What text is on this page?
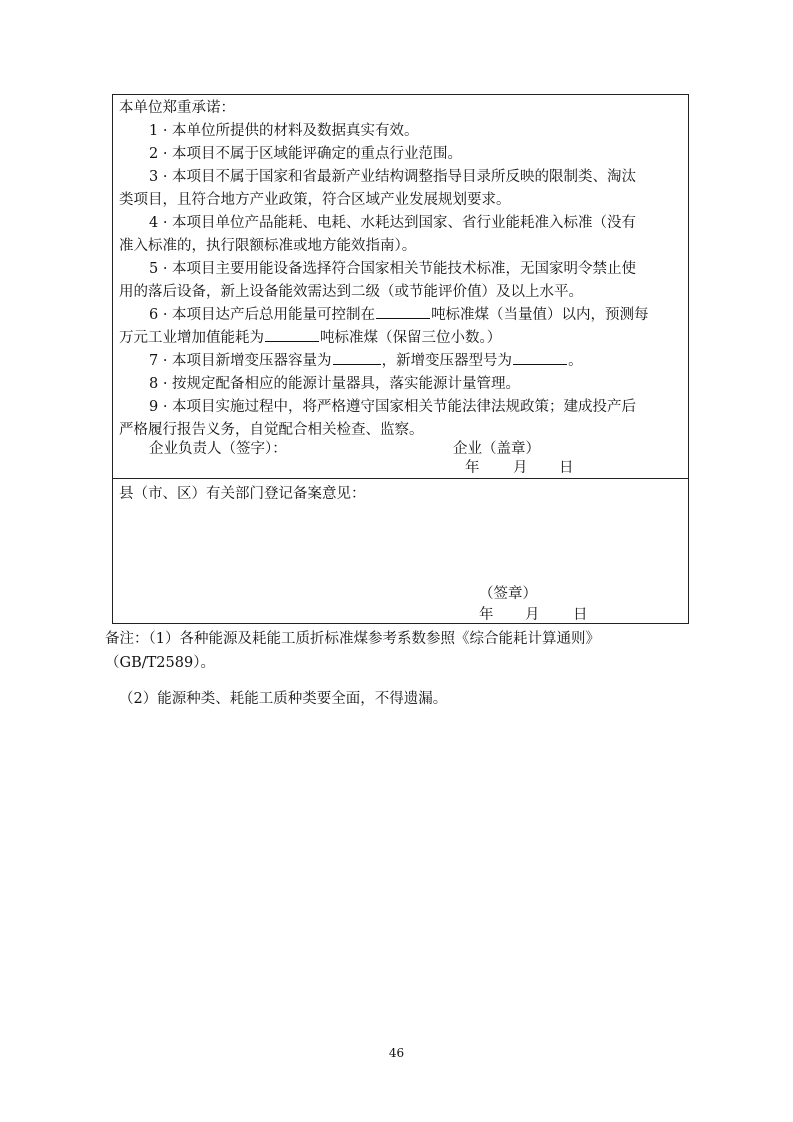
本单位郑重承诺：
1 · 本单位所提供的材料及数据真实有效。
2 · 本项目不属于区域能评确定的重点行业范围。
3 · 本项目不属于国家和省最新产业结构调整指导目录所反映的限制类、淘汰
类项目，且符合地方产业政策，符合区域产业发展规划要求。
4 · 本项目单位产品能耗、电耗、水耗达到国家、省行业能耗准入标准（没有
准入标准的，执行限额标准或地方能效指南）。
5 · 本项目主要用能设备选择符合国家相关节能技术标准，无国家明令禁止使
用的落后设备，新上设备能效需达到二级（或节能评价值）及以上水平。
6 · 本项目达产后总用能量可控制在	吨标准煤（当量值）以内，预测每
万元工业增加值能耗为	吨标准煤（保留三位小数。）
7 · 本项目新增变压器容量为	，新增变压器型号为	。
8 · 按规定配备相应的能源计量器具，落实能源计量管理。
9 · 本项目实施过程中，将严格遵守国家相关节能法律法规政策；建成投产后
严格履行报告义务，自觉配合相关检查、监察。
企业负责人（签字）：	企业（盖章）
年 月 日
县（市、区）有关部门登记备案意见：
（签章）
年 月 日
备注：（1）各种能源及耗能工质折标准煤参考系数参照《综合能耗计算通则》
（GB/T2589）。
（2）能源种类、耗能工质种类要全面，不得遗漏。
46
